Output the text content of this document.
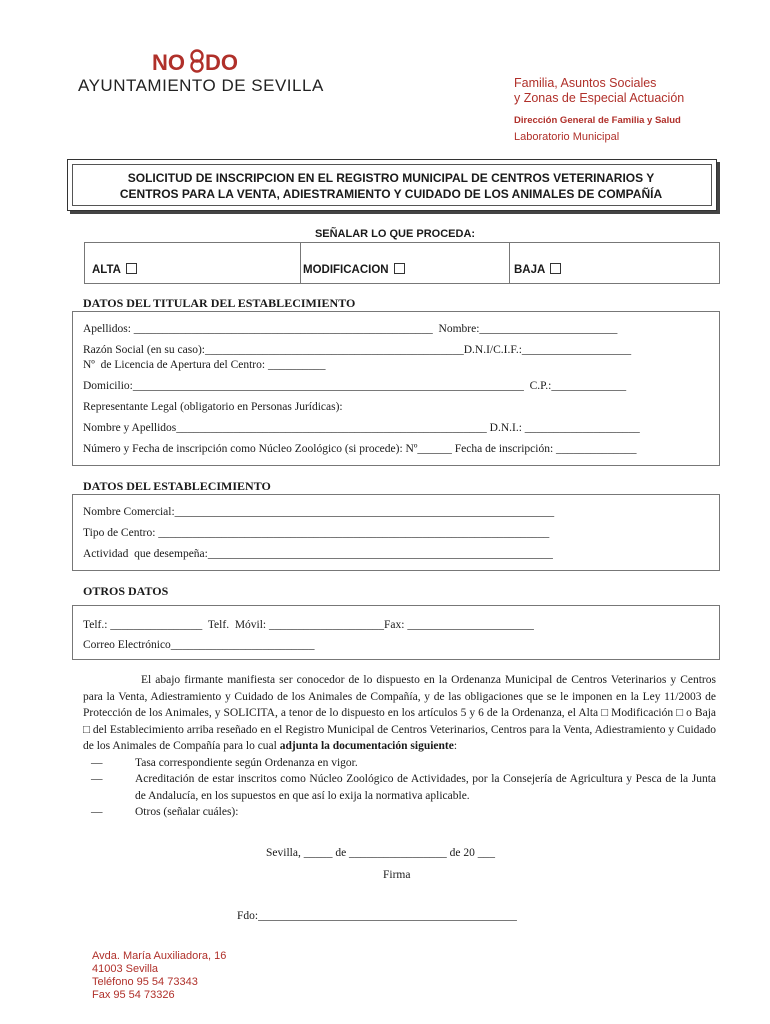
NO DO
AYUNTAMIENTO DE SEVILLA	Familia, Asuntos Sociales
y Zonas de Especial Actuación
Dirección General de Familia y Salud
Laboratorio Municipal
SOLICITUD DE INSCRIPCION EN EL REGISTRO MUNICIPAL DE CENTROS VETERINARIOS Y
CENTROS PARA LA VENTA, ADIESTRAMIENTO Y CUIDADO DE LOS ANIMALES DE COMPAÑÍA
SEÑALAR LO QUE PROCEDA:
ALTA	MODIFICACION	BAJA
DATOS DEL TITULAR DEL ESTABLECIMIENTO
Apellidos: ____________________________________________________  Nombre:________________________
Razón Social (en su caso):_____________________________________________D.N.I/C.I.F.:___________________
Nº  de Licencia de Apertura del Centro: __________
Domicilio:____________________________________________________________________  C.P.:_____________
Representante Legal (obligatorio en Personas Jurídicas):
Nombre y Apellidos______________________________________________________ D.N.I.: ____________________
Número y Fecha de inscripción como Núcleo Zoológico (si procede): Nº______ Fecha de inscripción: ______________
DATOS DEL ESTABLECIMIENTO
Nombre Comercial:__________________________________________________________________
Tipo de Centro: ____________________________________________________________________
Actividad  que desempeña:____________________________________________________________
OTROS DATOS
Telf.: ________________  Telf.  Móvil: ____________________Fax: ______________________
Correo Electrónico_________________________

El abajo firmante manifiesta ser conocedor de lo dispuesto en la Ordenanza Municipal de Centros Veterinarios y Centros para la Venta, Adiestramiento y Cuidado de los Animales de Compañía, y de las obligaciones que se le imponen en la Ley 11/2003 de Protección de los Animales, y SOLICITA, a tenor de lo dispuesto en los artículos 5 y 6 de la Ordenanza, el Alta □ Modificación □ o Baja □ del Establecimiento arriba reseñado en el Registro Municipal de Centros Veterinarios, Centros para la Venta, Adiestramiento y Cuidado de los Animales de Compañía para lo cual adjunta la documentación siguiente:

—	Tasa correspondiente según Ordenanza en vigor.

—	Acreditación de estar inscritos como Núcleo Zoológico de Actividades, por la Consejería de Agricultura y Pesca de la Junta de Andalucía, en los supuestos en que así lo exija la normativa aplicable.

—	Otros (señalar cuáles):

Sevilla, _____ de _________________ de 20 ___
Firma
Fdo:_____________________________________________
Avda. María Auxiliadora, 16
41003 Sevilla
Teléfono 95 54 73343
Fax 95 54 73326
